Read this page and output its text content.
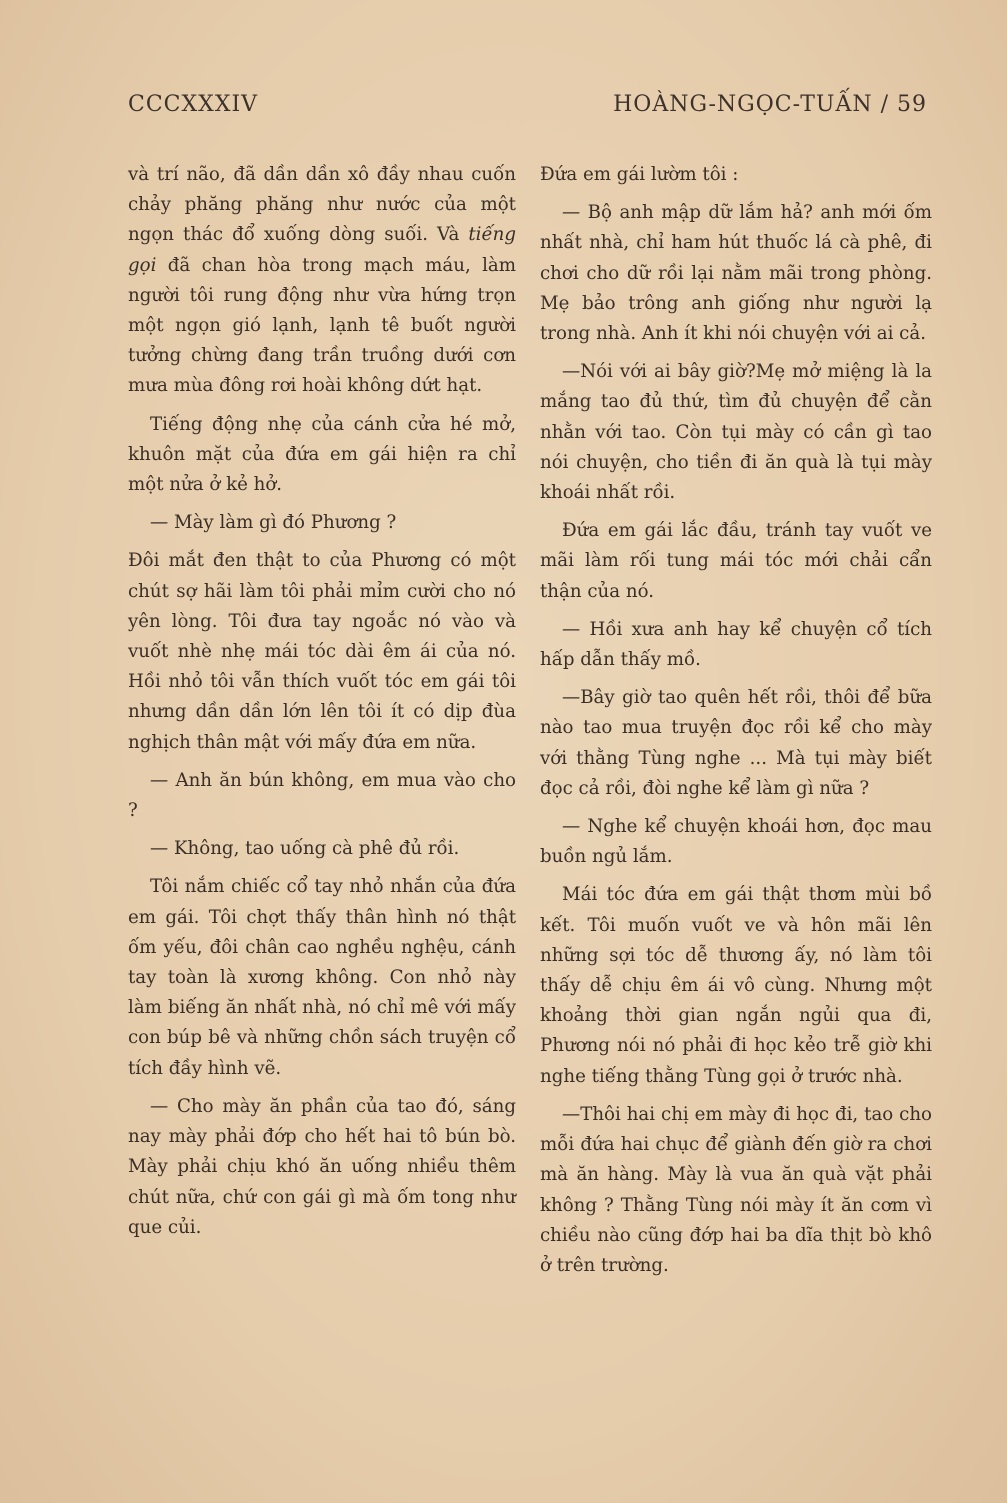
CCCXXXIV	HOÀNG-NGỌC-TUẤN / 59

và trí não, đã dần dần xô đầy nhau cuốn chảy phăng phăng như nước của một ngọn thác đổ xuống dòng suối. Và tiếng gọi đã chan hòa trong mạch máu, làm người tôi rung động như vừa hứng trọn một ngọn gió lạnh, lạnh tê buốt người tưởng chừng đang trần truồng dưới cơn mưa mùa đông rơi hoài không dứt hạt.

Tiếng động nhẹ của cánh cửa hé mở, khuôn mặt của đứa em gái hiện ra chỉ một nửa ở kẻ hở.

— Mày làm gì đó Phương ?

Đôi mắt đen thật to của Phương có một chút sợ hãi làm tôi phải mỉm cười cho nó yên lòng. Tôi đưa tay ngoắc nó vào và vuốt nhè nhẹ mái tóc dài êm ái của nó. Hồi nhỏ tôi vẫn thích vuốt tóc em gái tôi nhưng dần dần lớn lên tôi ít có dịp đùa nghịch thân mật với mấy đứa em nữa.

— Anh ăn bún không, em mua vào cho ?

— Không, tao uống cà phê đủ rồi.

Tôi nắm chiếc cổ tay nhỏ nhắn của đứa em gái. Tôi chợt thấy thân hình nó thật ốm yếu, đôi chân cao nghều nghệu, cánh tay toàn là xương không. Con nhỏ này làm biếng ăn nhất nhà, nó chỉ mê với mấy con búp bê và những chồn sách truyện cổ tích đầy hình vẽ.

— Cho mày ăn phần của tao đó, sáng nay mày phải đớp cho hết hai tô bún bò. Mày phải chịu khó ăn uống nhiều thêm chút nữa, chứ con gái gì mà ốm tong như que củi.

Đứa em gái lườm tôi :

— Bộ anh mập dữ lắm hả? anh mới ốm nhất nhà, chỉ ham hút thuốc lá cà phê, đi chơi cho dữ rồi lại nằm mãi trong phòng. Mẹ bảo trông anh giống như người lạ trong nhà. Anh ít khi nói chuyện với ai cả.

—Nói với ai bây giờ?Mẹ mở miệng là la mắng tao đủ thứ, tìm đủ chuyện để cằn nhằn với tao. Còn tụi mày có cần gì tao nói chuyện, cho tiền đi ăn quà là tụi mày khoái nhất rồi.

Đứa em gái lắc đầu, tránh tay vuốt ve mãi làm rối tung mái tóc mới chải cẩn thận của nó.

— Hồi xưa anh hay kể chuyện cổ tích hấp dẫn thấy mồ.

—Bây giờ tao quên hết rồi, thôi để bữa nào tao mua truyện đọc rồi kể cho mày với thằng Tùng nghe ... Mà tụi mày biết đọc cả rồi, đòi nghe kể làm gì nữa ?

— Nghe kể chuyện khoái hơn, đọc mau buồn ngủ lắm.

Mái tóc đứa em gái thật thơm mùi bồ kết. Tôi muốn vuốt ve và hôn mãi lên những sợi tóc dễ thương ấy, nó làm tôi thấy dễ chịu êm ái vô cùng. Nhưng một khoảng thời gian ngắn ngủi qua đi, Phương nói nó phải đi học kẻo trễ giờ khi nghe tiếng thằng Tùng gọi ở trước nhà.

—Thôi hai chị em mày đi học đi, tao cho mỗi đứa hai chục để giành đến giờ ra chơi mà ăn hàng. Mày là vua ăn quà vặt phải không ? Thằng Tùng nói mày ít ăn cơm vì chiều nào cũng đớp hai ba dĩa thịt bò khô ở trên trường.
